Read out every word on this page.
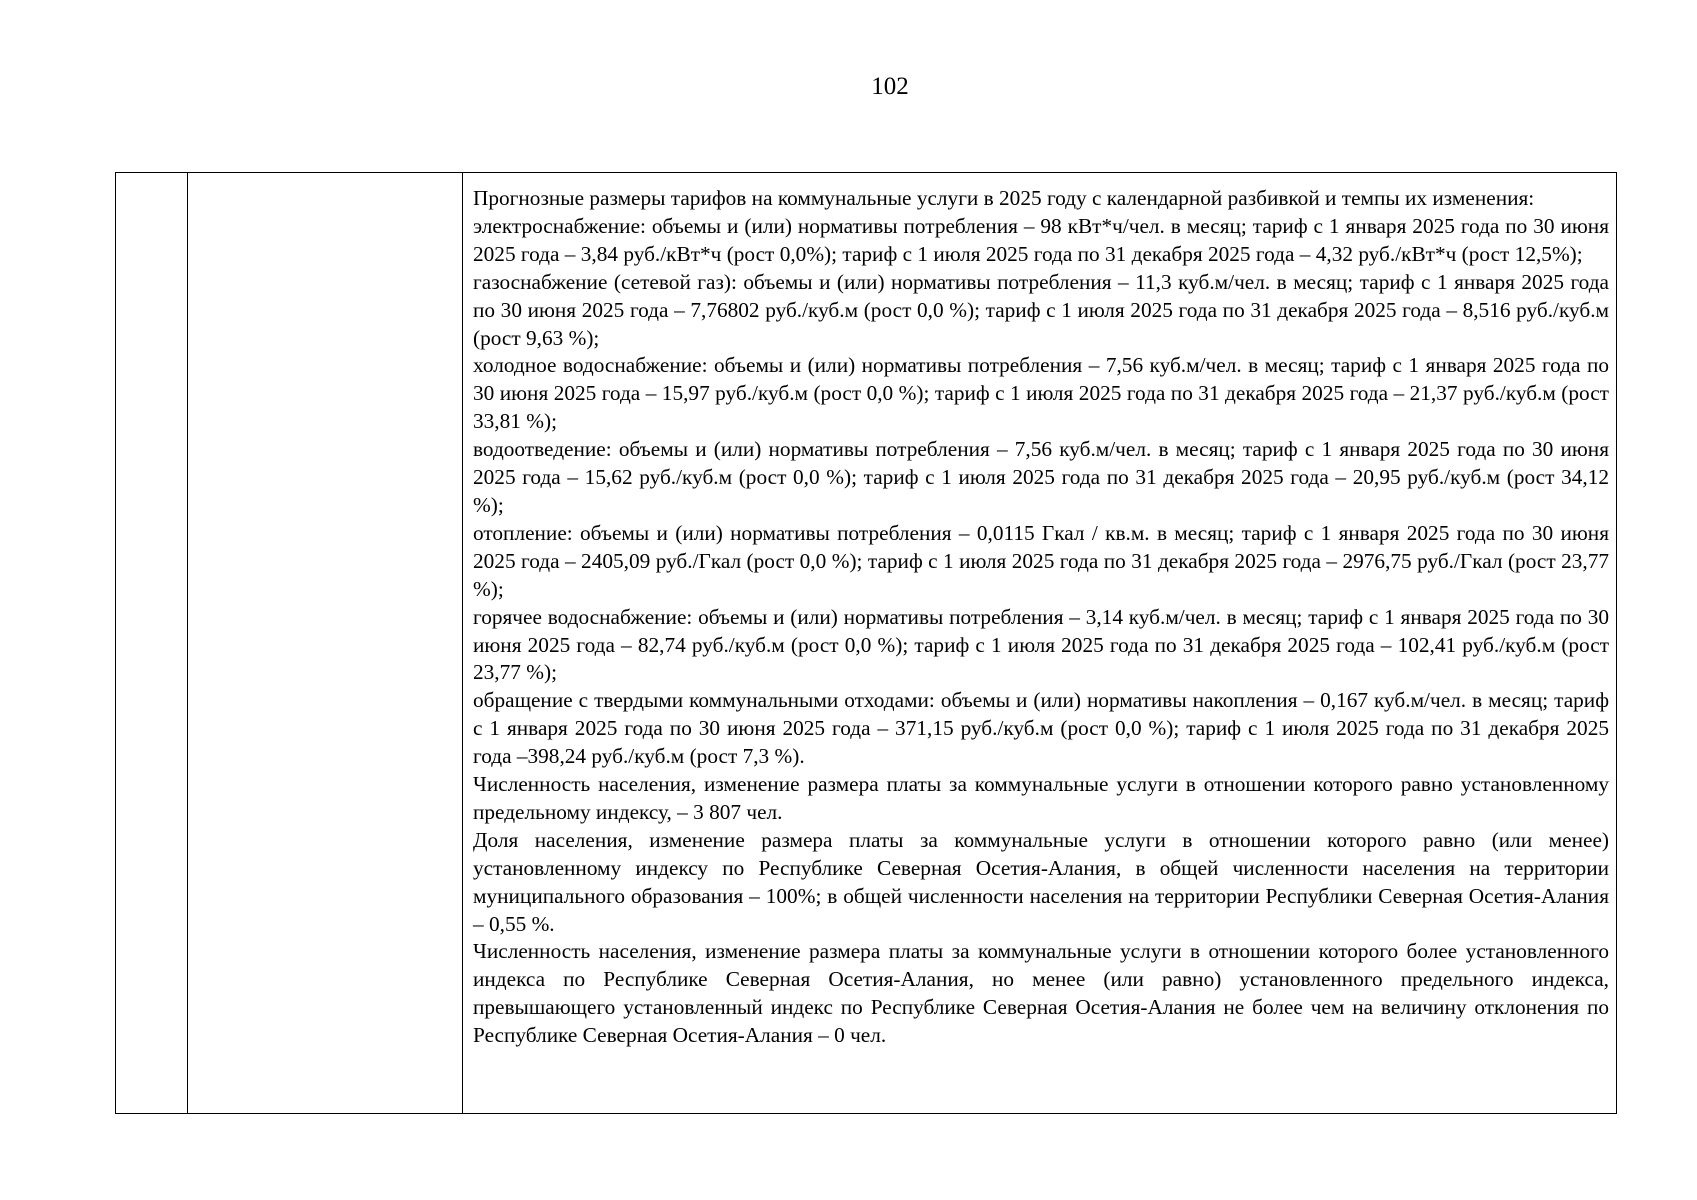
102

Прогнозные размеры тарифов на коммунальные услуги в 2025 году с календарной разбивкой и темпы их изменения:

электроснабжение: объемы и (или) нормативы потребления – 98 кВт*ч/чел. в месяц; тариф с 1 января 2025 года по 30 июня 2025 года – 3,84 руб./кВт*ч (рост 0,0%); тариф с 1 июля 2025 года по 31 декабря 2025 года – 4,32 руб./кВт*ч (рост 12,5%);

газоснабжение (сетевой газ): объемы и (или) нормативы потребления – 11,3 куб.м/чел. в месяц; тариф с 1 января 2025 года по 30 июня 2025 года – 7,76802 руб./куб.м (рост 0,0 %); тариф с 1 июля 2025 года по 31 декабря 2025 года – 8,516 руб./куб.м (рост 9,63 %);

холодное водоснабжение: объемы и (или) нормативы потребления – 7,56 куб.м/чел. в месяц; тариф с 1 января 2025 года по 30 июня 2025 года – 15,97 руб./куб.м (рост 0,0 %); тариф с 1 июля 2025 года по 31 декабря 2025 года – 21,37 руб./куб.м (рост 33,81 %);

водоотведение: объемы и (или) нормативы потребления – 7,56 куб.м/чел. в месяц; тариф с 1 января 2025 года по 30 июня 2025 года – 15,62 руб./куб.м (рост 0,0 %); тариф с 1 июля 2025 года по 31 декабря 2025 года – 20,95 руб./куб.м (рост 34,12 %);

отопление: объемы и (или) нормативы потребления – 0,0115 Гкал / кв.м. в месяц; тариф с 1 января 2025 года по 30 июня 2025 года – 2405,09 руб./Гкал (рост 0,0 %); тариф с 1 июля 2025 года по 31 декабря 2025 года – 2976,75 руб./Гкал (рост 23,77 %);

горячее водоснабжение: объемы и (или) нормативы потребления – 3,14 куб.м/чел. в месяц; тариф с 1 января 2025 года по 30 июня 2025 года – 82,74 руб./куб.м (рост 0,0 %); тариф с 1 июля 2025 года по 31 декабря 2025 года – 102,41 руб./куб.м (рост 23,77 %);

обращение с твердыми коммунальными отходами: объемы и (или) нормативы накопления – 0,167 куб.м/чел. в месяц; тариф с 1 января 2025 года по 30 июня 2025 года – 371,15 руб./куб.м (рост 0,0 %); тариф с 1 июля 2025 года по 31 декабря 2025 года –398,24 руб./куб.м (рост 7,3 %).

Численность населения, изменение размера платы за коммунальные услуги в отношении которого равно установленному предельному индексу, – 3 807 чел.

Доля населения, изменение размера платы за коммунальные услуги в отношении которого равно (или менее) установленному индексу по Республике Северная Осетия-Алания, в общей численности населения на территории муниципального образования – 100%; в общей численности населения на территории Республики Северная Осетия-Алания – 0,55 %.

Численность населения, изменение размера платы за коммунальные услуги в отношении которого более установленного индекса по Республике Северная Осетия-Алания, но менее (или равно) установленного предельного индекса, превышающего установленный индекс по Республике Северная Осетия-Алания не более чем на величину отклонения по Республике Северная Осетия-Алания – 0 чел.
